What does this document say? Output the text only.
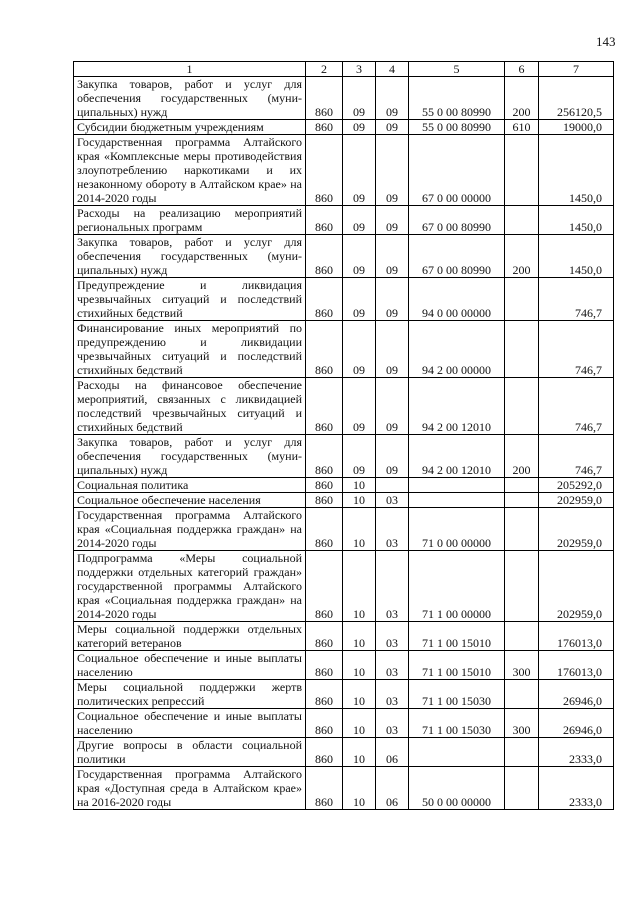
143
1	2	3	4	5	6	7
Закупка товаров, работ и услуг для обеспечения государственных (муниципальных) нужд	860	09	09	55 0 00 80990	200	256120,5
Субсидии бюджетным учреждениям	860	09	09	55 0 00 80990	610	19000,0
Государственная программа Алтайского края «Комплексные меры противодействия злоупотреблению наркотиками и их незаконному обороту в Алтайском крае» на 2014-2020 годы	860	09	09	67 0 00 00000		1450,0
Расходы на реализацию мероприятий региональных программ	860	09	09	67 0 00 80990		1450,0
Закупка товаров, работ и услуг для обеспечения государственных (муниципальных) нужд	860	09	09	67 0 00 80990	200	1450,0
Предупреждение и ликвидация чрезвычайных ситуаций и последствий стихийных бедствий	860	09	09	94 0 00 00000		746,7
Финансирование иных мероприятий по предупреждению и ликвидации чрезвычайных ситуаций и последствий стихийных бедствий	860	09	09	94 2 00 00000		746,7
Расходы на финансовое обеспечение мероприятий, связанных с ликвидацией последствий чрезвычайных ситуаций и стихийных бедствий	860	09	09	94 2 00 12010		746,7
Закупка товаров, работ и услуг для обеспечения государственных (муниципальных) нужд	860	09	09	94 2 00 12010	200	746,7
Социальная политика	860	10				205292,0
Социальное обеспечение населения	860	10	03			202959,0
Государственная программа Алтайского края «Социальная поддержка граждан» на 2014-2020 годы	860	10	03	71 0 00 00000		202959,0
Подпрограмма «Меры социальной поддержки отдельных категорий граждан» государственной программы Алтайского края «Социальная поддержка граждан» на 2014-2020 годы	860	10	03	71 1 00 00000		202959,0
Меры социальной поддержки отдельных категорий ветеранов	860	10	03	71 1 00 15010		176013,0
Социальное обеспечение и иные выплаты населению	860	10	03	71 1 00 15010	300	176013,0
Меры социальной поддержки жертв политических репрессий	860	10	03	71 1 00 15030		26946,0
Социальное обеспечение и иные выплаты населению	860	10	03	71 1 00 15030	300	26946,0
Другие вопросы в области социальной политики	860	10	06			2333,0
Государственная программа Алтайского края «Доступная среда в Алтайском крае» на 2016-2020 годы	860	10	06	50 0 00 00000		2333,0
